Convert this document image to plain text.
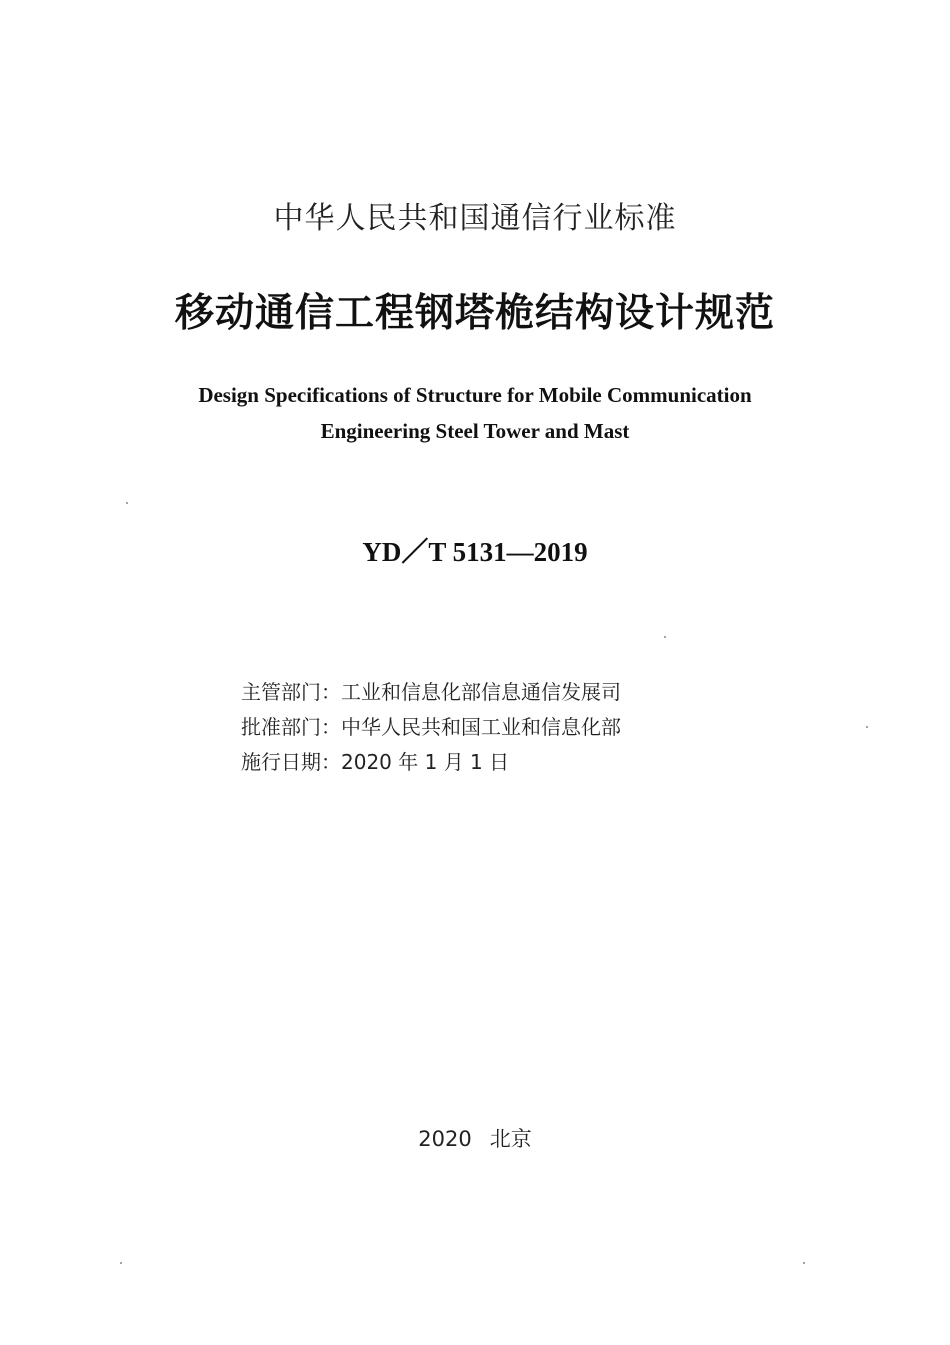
中华人民共和国通信行业标准
移动通信工程钢塔桅结构设计规范
Design Specifications of Structure for Mobile Communication
Engineering Steel Tower and Mast
YD／T 5131—2019
主管部门：工业和信息化部信息通信发展司
批准部门：中华人民共和国工业和信息化部
施行日期：2020 年 1 月 1 日
2020 北京
